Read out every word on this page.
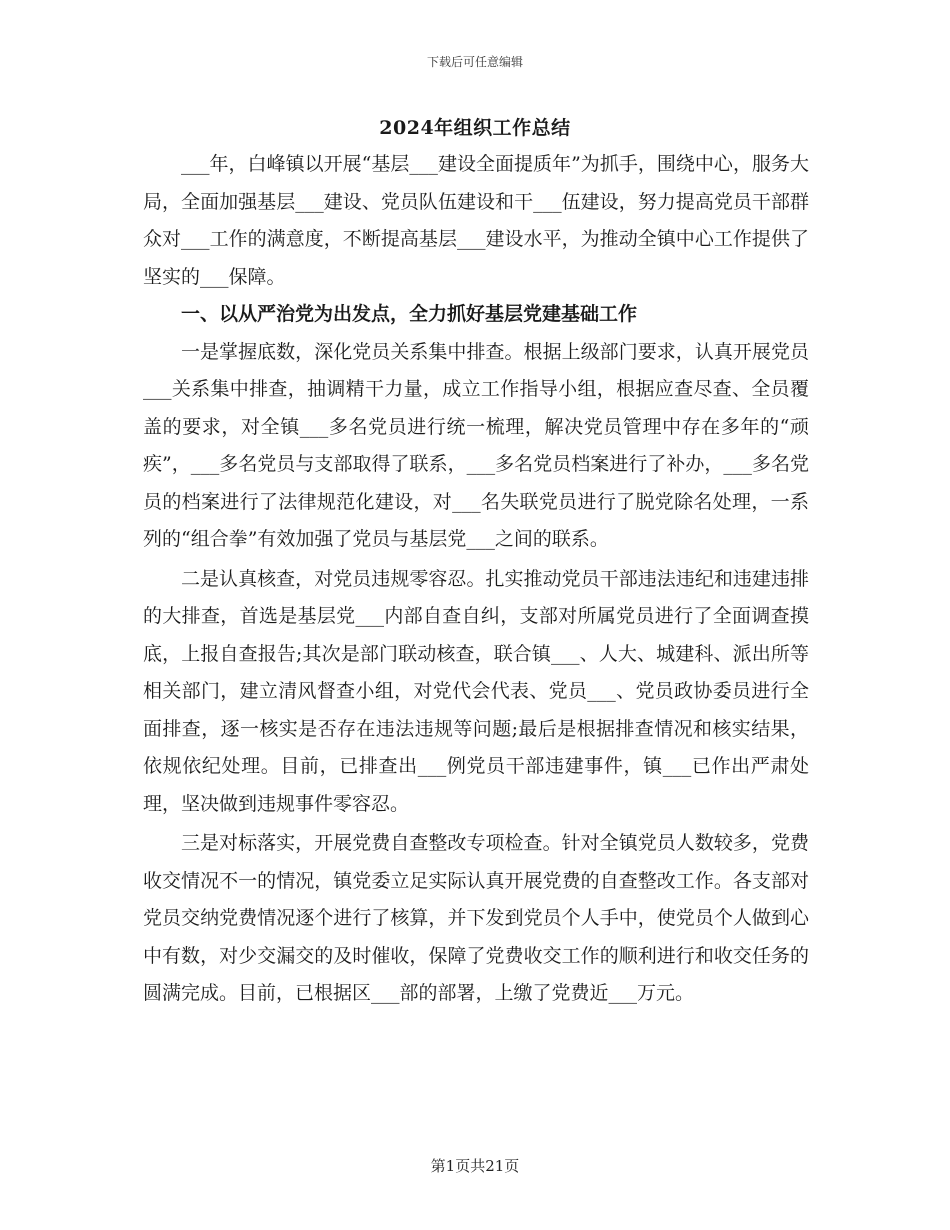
下载后可任意编辑
2024年组织工作总结

___年，白峰镇以开展“基层___建设全面提质年”为抓手，围绕中心，服务大局，全面加强基层___建设、党员队伍建设和干___伍建设，努力提高党员干部群众对___工作的满意度，不断提高基层___建设水平，为推动全镇中心工作提供了坚实的___保障。

一、以从严治党为出发点，全力抓好基层党建基础工作

一是掌握底数，深化党员关系集中排查。根据上级部门要求，认真开展党员___关系集中排查，抽调精干力量，成立工作指导小组，根据应查尽查、全员覆盖的要求，对全镇___多名党员进行统一梳理，解决党员管理中存在多年的“顽疾”，___多名党员与支部取得了联系，___多名党员档案进行了补办，___多名党员的档案进行了法律规范化建设，对___名失联党员进行了脱党除名处理，一系列的“组合拳”有效加强了党员与基层党___之间的联系。

二是认真核查，对党员违规零容忍。扎实推动党员干部违法违纪和违建违排的大排查，首选是基层党___内部自查自纠，支部对所属党员进行了全面调查摸底，上报自查报告;其次是部门联动核查，联合镇___、人大、城建科、派出所等相关部门，建立清风督查小组，对党代会代表、党员___、党员政协委员进行全面排查，逐一核实是否存在违法违规等问题;最后是根据排查情况和核实结果，依规依纪处理。目前，已排查出___例党员干部违建事件，镇___已作出严肃处理，坚决做到违规事件零容忍。

三是对标落实，开展党费自查整改专项检查。针对全镇党员人数较多，党费收交情况不一的情况，镇党委立足实际认真开展党费的自查整改工作。各支部对党员交纳党费情况逐个进行了核算，并下发到党员个人手中，使党员个人做到心中有数，对少交漏交的及时催收，保障了党费收交工作的顺利进行和收交任务的圆满完成。目前，已根据区___部的部署，上缴了党费近___万元。

第1页共21页
